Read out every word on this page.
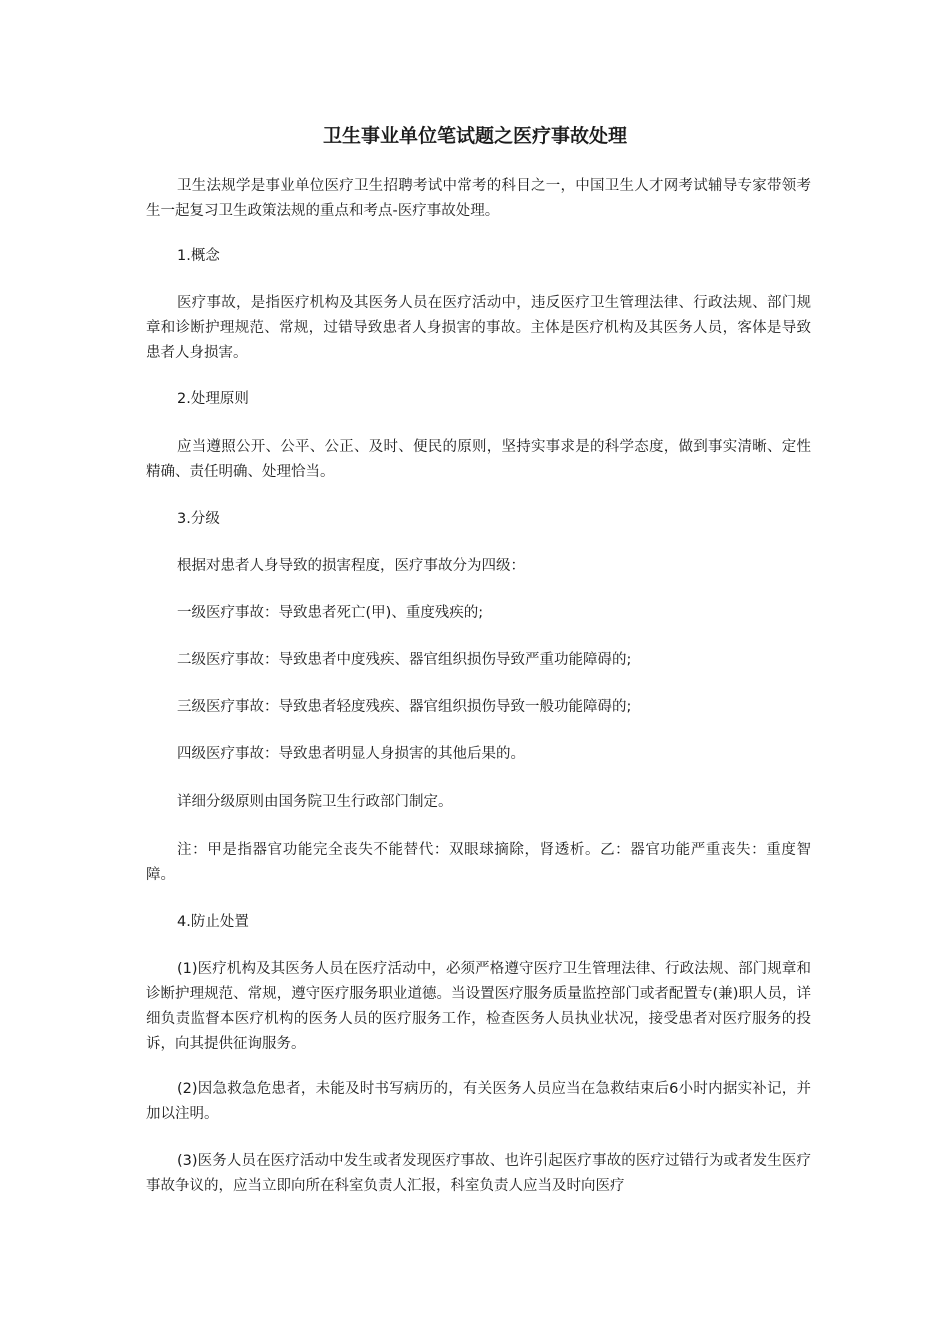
卫生事业单位笔试题之医疗事故处理

卫生法规学是事业单位医疗卫生招聘考试中常考的科目之一，中国卫生人才网考试辅导专家带领考生一起复习卫生政策法规的重点和考点-医疗事故处理。

1.概念

医疗事故，是指医疗机构及其医务人员在医疗活动中，违反医疗卫生管理法律、行政法规、部门规章和诊断护理规范、常规，过错导致患者人身损害的事故。主体是医疗机构及其医务人员，客体是导致患者人身损害。

2.处理原则

应当遵照公开、公平、公正、及时、便民的原则，坚持实事求是的科学态度，做到事实清晰、定性精确、责任明确、处理恰当。

3.分级

根据对患者人身导致的损害程度，医疗事故分为四级：

一级医疗事故：导致患者死亡(甲)、重度残疾的;

二级医疗事故：导致患者中度残疾、器官组织损伤导致严重功能障碍的;

三级医疗事故：导致患者轻度残疾、器官组织损伤导致一般功能障碍的;

四级医疗事故：导致患者明显人身损害的其他后果的。

详细分级原则由国务院卫生行政部门制定。

注：甲是指器官功能完全丧失不能替代：双眼球摘除，肾透析。乙：器官功能严重丧失：重度智障。

4.防止处置

(1)医疗机构及其医务人员在医疗活动中，必须严格遵守医疗卫生管理法律、行政法规、部门规章和诊断护理规范、常规，遵守医疗服务职业道德。当设置医疗服务质量监控部门或者配置专(兼)职人员，详细负责监督本医疗机构的医务人员的医疗服务工作，检查医务人员执业状况，接受患者对医疗服务的投诉，向其提供征询服务。

(2)因急救急危患者，未能及时书写病历的，有关医务人员应当在急救结束后6小时内据实补记，并加以注明。

(3)医务人员在医疗活动中发生或者发现医疗事故、也许引起医疗事故的医疗过错行为或者发生医疗事故争议的，应当立即向所在科室负责人汇报，科室负责人应当及时向医疗
